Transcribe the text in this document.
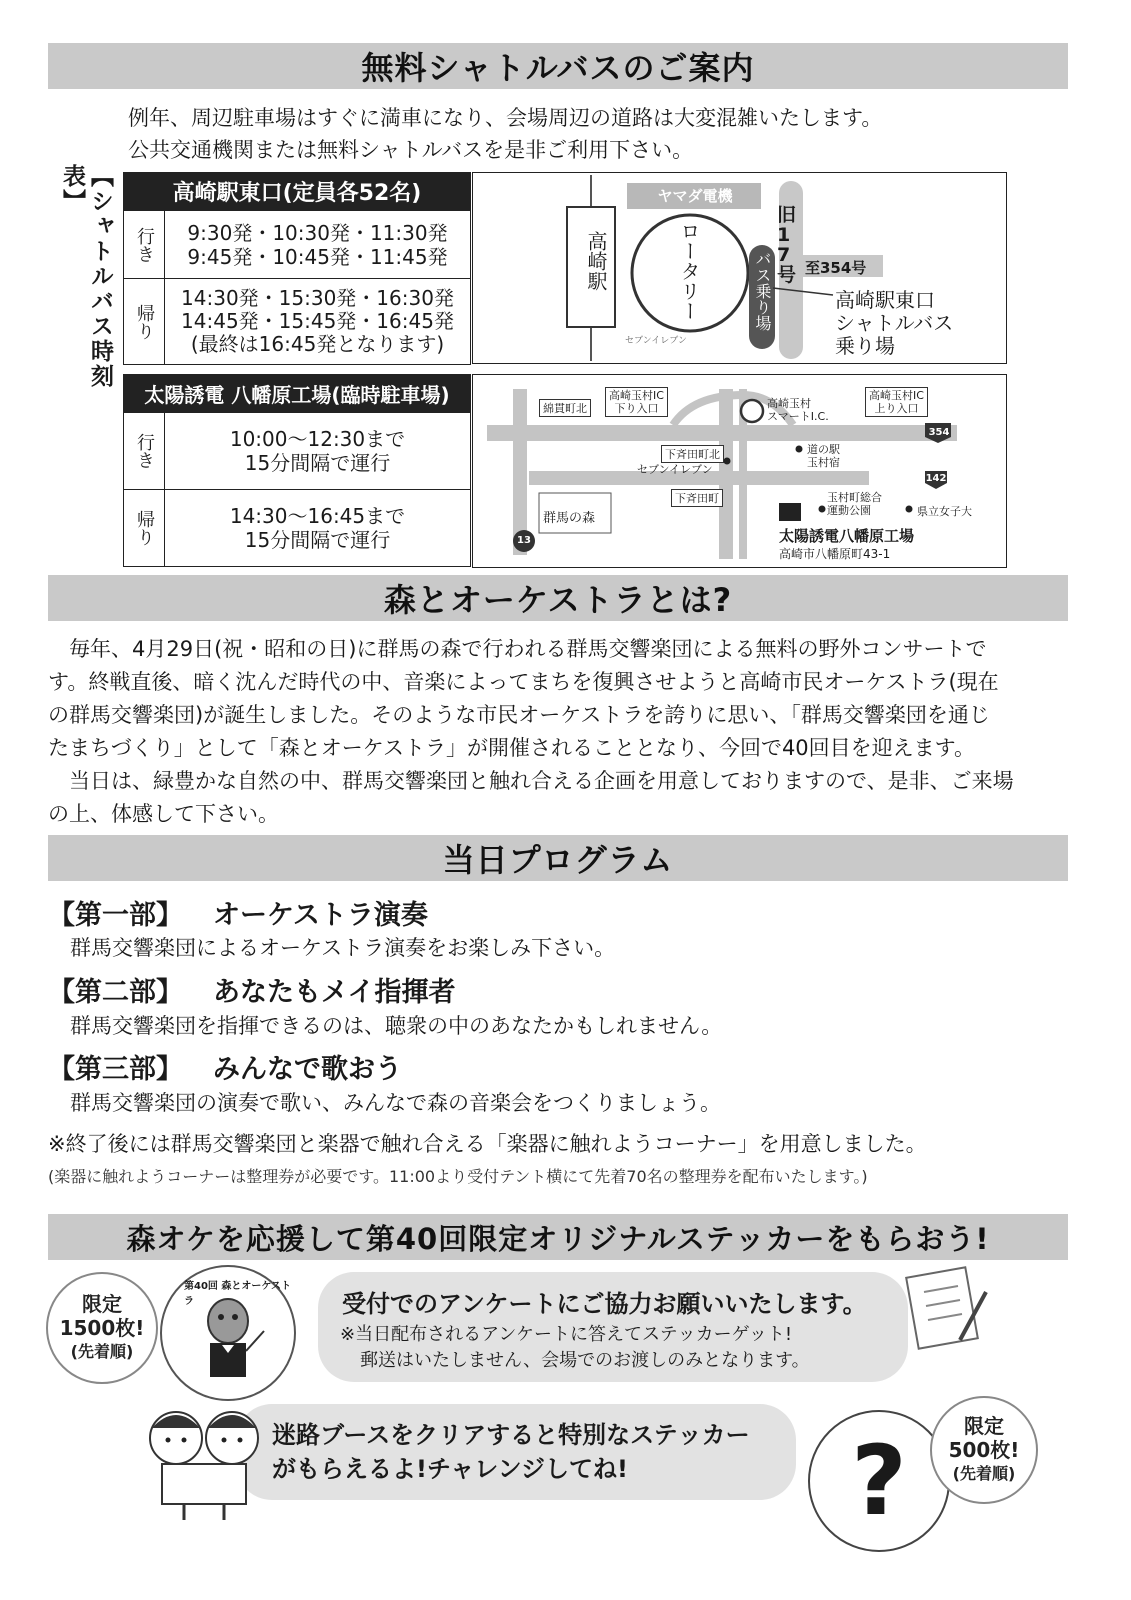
無料シャトルバスのご案内
例年、周辺駐車場はすぐに満車になり、会場周辺の道路は大変混雑いたします。
公共交通機関または無料シャトルバスを是非ご利用下さい。
【シャトルバス時刻表】	高崎駅東口(定員各52名)	

行き	9:30発・10:30発・11:30発
9:45発・10:45発・11:45発

帰り	14:30発・15:30発・16:30発
14:45発・15:45発・16:45発
(最終は16:45発となります)
高崎駅
ヤマダ電機
ロータリー
旧17号 至354号
バス乗り場
セブンイレブン
高崎駅東口
シャトルバス
乗り場
太陽誘電 八幡原工場(臨時駐車場)	

行き	10:00〜12:30まで
15分間隔で運行

帰り	14:30〜16:45まで
15分間隔で運行
綿貫町北
高崎玉村IC
下り入口	高崎玉村
スマートI.C.
高崎玉村IC
上り入口
下斉田町北
セブンイレブン
道の駅
玉村宿
下斉田町
群馬の森
玉村町総合
運動公園	県立女子大
太陽誘電八幡原工場
高崎市八幡原町43-1
354
142
13
森とオーケストラとは?
毎年、4月29日(祝・昭和の日)に群馬の森で行われる群馬交響楽団による無料の野外コンサートで
す。終戦直後、暗く沈んだ時代の中、音楽によってまちを復興させようと高崎市民オーケストラ(現在
の群馬交響楽団)が誕生しました。そのような市民オーケストラを誇りに思い、「群馬交響楽団を通じ
たまちづくり」として「森とオーケストラ」が開催されることとなり、今回で40回目を迎えます。
当日は、緑豊かな自然の中、群馬交響楽団と触れ合える企画を用意しておりますので、是非、ご来場
の上、体感して下さい。
当日プログラム
【第一部】 オーケストラ演奏
群馬交響楽団によるオーケストラ演奏をお楽しみ下さい。
【第二部】 あなたもメイ指揮者
群馬交響楽団を指揮できるのは、聴衆の中のあなたかもしれません。
【第三部】 みんなで歌おう
群馬交響楽団の演奏で歌い、みんなで森の音楽会をつくりましょう。
※終了後には群馬交響楽団と楽器で触れ合える「楽器に触れようコーナー」を用意しました。
(楽器に触れようコーナーは整理券が必要です。11:00より受付テント横にて先着70名の整理券を配布いたします。)
森オケを応援して第40回限定オリジナルステッカーをもらおう!
受付でのアンケートにご協力お願いいたします。
※当日配布されるアンケートに答えてステッカーゲット!
郵送はいたしません、会場でのお渡しのみとなります。
限定
1500枚!
(先着順)
第40回 森とオーケストラ
迷路ブースをクリアすると特別なステッカー
がもらえるよ!チャレンジしてね!	?	限定
500枚!
(先着順)
